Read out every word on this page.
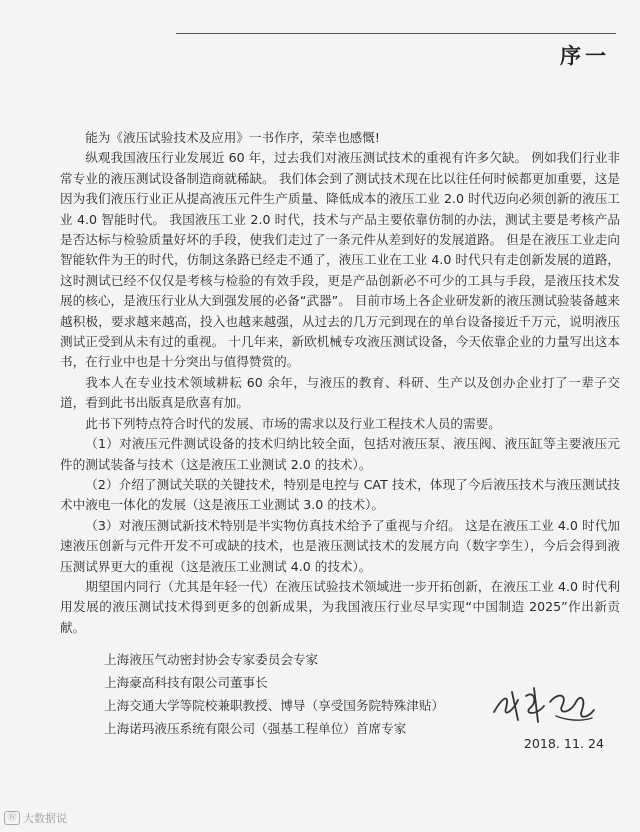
序一

能为《液压试验技术及应用》一书作序，荣幸也感慨!

纵观我国液压行业发展近 60 年，过去我们对液压测试技术的重视有许多欠缺。 例如我们行业非常专业的液压测试设备制造商就稀缺。 我们体会到了测试技术现在比以往任何时候都更加重要，这是因为我们液压行业正从提高液压元件生产质量、降低成本的液压工业 2.0 时代迈向必须创新的液压工业 4.0 智能时代。 我国液压工业 2.0 时代，技术与产品主要依靠仿制的办法，测试主要是考核产品是否达标与检验质量好坏的手段，使我们走过了一条元件从差到好的发展道路。 但是在液压工业走向智能软件为王的时代，仿制这条路已经走不通了，液压工业在工业 4.0 时代只有走创新发展的道路，这时测试已经不仅仅是考核与检验的有效手段，更是产品创新必不可少的工具与手段，是液压技术发展的核心，是液压行业从大到强发展的必备“武器”。 目前市场上各企业研发新的液压测试验装备越来越积极，要求越来越高，投入也越来越强，从过去的几万元到现在的单台设备接近千万元，说明液压测试正受到从未有过的重视。 十几年来，新欧机械专攻液压测试设备，今天依靠企业的力量写出这本书，在行业中也是十分突出与值得赞赏的。

我本人在专业技术领域耕耘 60 余年，与液压的教育、科研、生产以及创办企业打了一辈子交道，看到此书出版真是欣喜有加。

此书下列特点符合时代的发展、市场的需求以及行业工程技术人员的需要。

（1）对液压元件测试设备的技术归纳比较全面，包括对液压泵、液压阀、液压缸等主要液压元件的测试装备与技术（这是液压工业测试 2.0 的技术）。

（2）介绍了测试关联的关键技术，特别是电控与 CAT 技术，体现了今后液压技术与液压测试技术中液电一体化的发展（这是液压工业测试 3.0 的技术）。

（3）对液压测试新技术特别是半实物仿真技术给予了重视与介绍。 这是在液压工业 4.0 时代加速液压创新与元件开发不可或缺的技术，也是液压测试技术的发展方向（数字孪生），今后会得到液压测试界更大的重视（这是液压工业测试 4.0 的技术）。

期望国内同行（尤其是年轻一代）在液压试验技术领域进一步开拓创新，在液压工业 4.0 时代利用发展的液压测试技术得到更多的创新成果，为我国液压行业尽早实现“中国制造 2025”作出新贡献。

上海液压气动密封协会专家委员会专家

上海豪高科技有限公司董事长

上海交通大学等院校兼职教授、博导（享受国务院特殊津贴）

上海诺玛液压系统有限公司（强基工程单位）首席专家

2018. 11. 24
㊗ 大数据说
